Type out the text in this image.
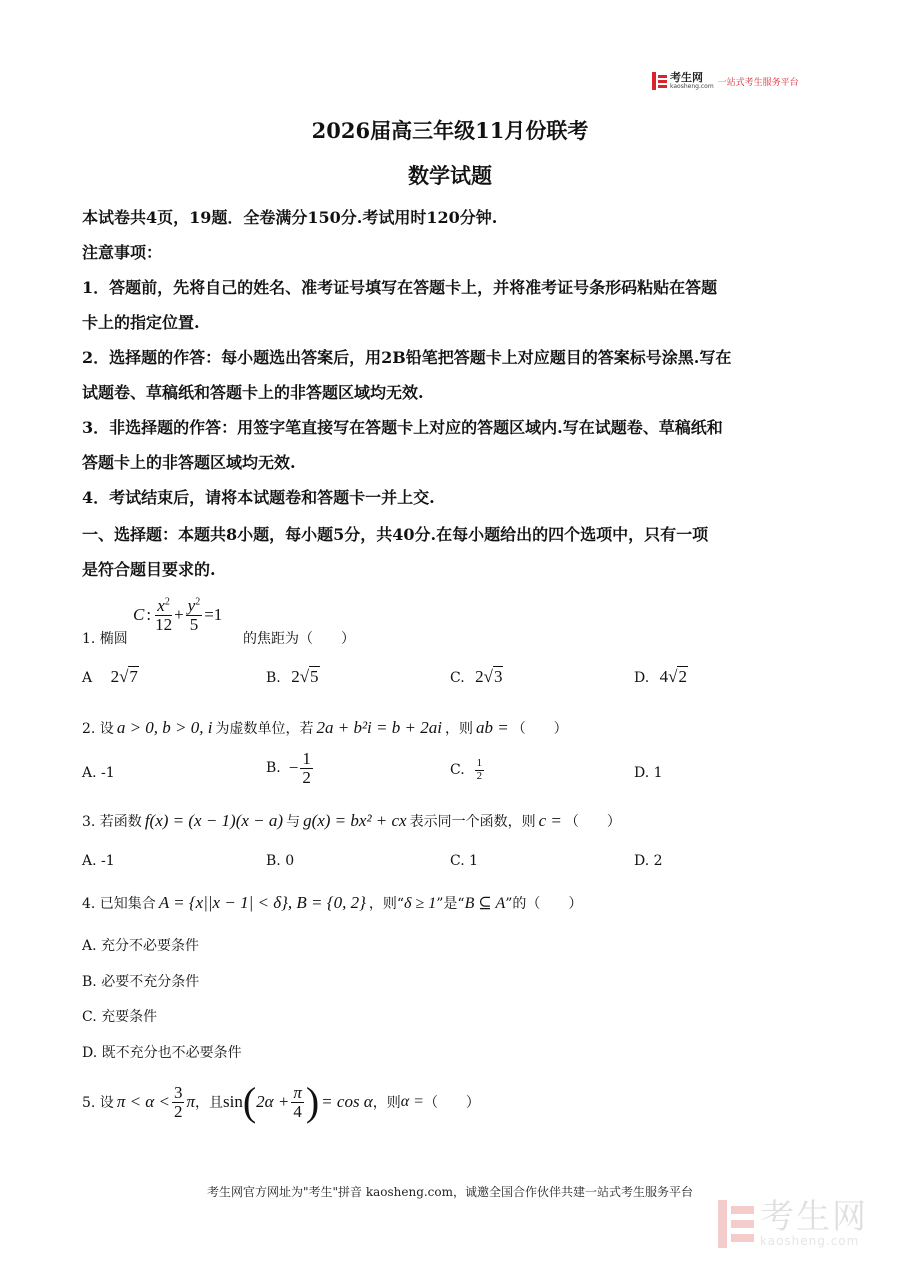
考生网
kaosheng.com 一站式考生服务平台
2026届高三年级11月份联考
数学试题
本试卷共4页，19题．全卷满分150分.考试用时120分钟.
注意事项：
1．答题前，先将自己的姓名、准考证号填写在答题卡上，并将准考证号条形码粘贴在答题
卡上的指定位置.
2．选择题的作答：每小题选出答案后，用2B铅笔把答题卡上对应题目的答案标号涂黑.写在
试题卷、草稿纸和答题卡上的非答题区域均无效.
3．非选择题的作答：用签字笔直接写在答题卡上对应的答题区域内.写在试题卷、草稿纸和
答题卡上的非答题区域均无效.
4．考试结束后，请将本试题卷和答题卡一并上交.
一、选择题：本题共8小题，每小题5分，共40分.在每小题给出的四个选项中，只有一项
是符合题目要求的.
1. 椭圆
C : $\frac{x^2}{12} + \frac{y^2}{5} =1$
的焦距为（　　）
A 2√7	B. 2√5	C. 2√3	D. 4√2
2. 设 a > 0, b > 0, i 为虚数单位，若 2a + b²i = b + 2ai ，则 ab = （　　）
A. -1	B. − $\frac{1}{2}$	C. $\frac{1}{2}$	D. 1
3. 若函数 f(x) = (x − 1)(x − a) 与 g(x) = bx² + cx 表示同一个函数，则 c = （　　）
A. -1	B. 0	C. 1	D. 2
4. 已知集合 A = {x||x − 1| < δ}, B = {0, 2} ，则“ δ ≥ 1 ”是“ B ⊆ A ”的（　　）
A. 充分不必要条件
B. 必要不充分条件
C. 充要条件
D. 既不充分也不必要条件
5. 设 $\pi < \alpha < \frac{3}{2}$ π ，且 sin ( $2\alpha + \frac{\pi}{4}$ ) = cos α ，则 α = （　　）
考生网官方网址为"考生"拼音 kaosheng.com，诚邀全国合作伙伴共建一站式考生服务平台
考生网
kaosheng.com
